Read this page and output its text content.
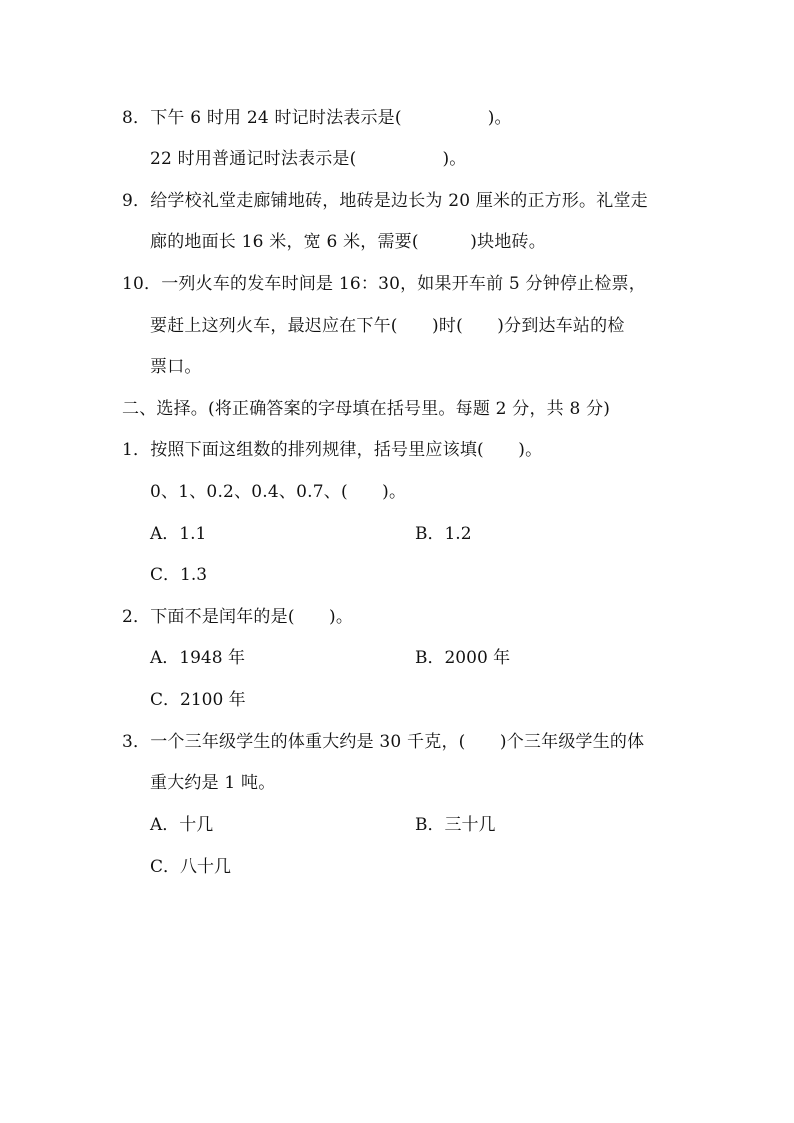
8．下午 6 时用 24 时记时法表示是(　　　　　)。
22 时用普通记时法表示是(　　　　　)。
9．给学校礼堂走廊铺地砖，地砖是边长为 20 厘米的正方形。礼堂走
廊的地面长 16 米，宽 6 米，需要(　　　)块地砖。
10．一列火车的发车时间是 16：30，如果开车前 5 分钟停止检票，
要赶上这列火车，最迟应在下午(　　)时(　　)分到达车站的检
票口。
二、选择。(将正确答案的字母填在括号里。每题 2 分，共 8 分)
1．按照下面这组数的排列规律，括号里应该填(　　)。
0、1、0.2、0.4、0.7、(　　)。
A．1.1	B．1.2
C．1.3
2．下面不是闰年的是(　　)。
A．1948 年	B．2000 年
C．2100 年
3．一个三年级学生的体重大约是 30 千克，(　　)个三年级学生的体
重大约是 1 吨。
A．十几	B．三十几
C．八十几
